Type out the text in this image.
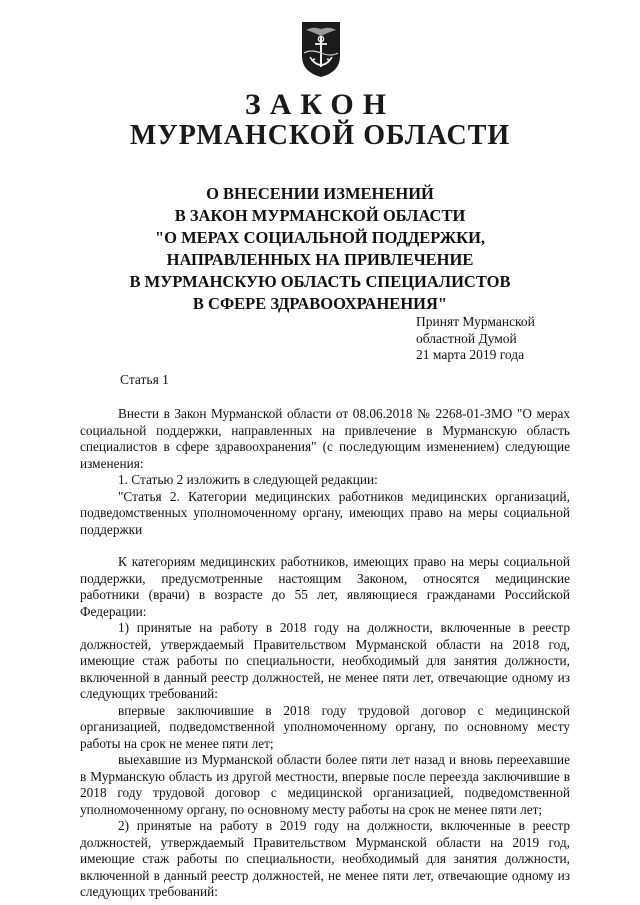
ЗАКОН
МУРМАНСКОЙ ОБЛАСТИ
О ВНЕСЕНИИ ИЗМЕНЕНИЙ
В ЗАКОН МУРМАНСКОЙ ОБЛАСТИ
"О МЕРАХ СОЦИАЛЬНОЙ ПОДДЕРЖКИ,
НАПРАВЛЕННЫХ НА ПРИВЛЕЧЕНИЕ
В МУРМАНСКУЮ ОБЛАСТЬ СПЕЦИАЛИСТОВ
В СФЕРЕ ЗДРАВООХРАНЕНИЯ"
Принят Мурманской
областной Думой
21 марта 2019 года
Статья 1

Внести в Закон Мурманской области от 08.06.2018 № 2268-01-ЗМО "О мерах социальной поддержки, направленных на привлечение в Мурманскую область специалистов в сфере здравоохранения" (с последующим изменением) следующие изменения:

1. Статью 2 изложить в следующей редакции:

"Статья 2. Категории медицинских работников медицинских организаций, подведомственных уполномоченному органу, имеющих право на меры социальной поддержки

К категориям медицинских работников, имеющих право на меры социальной поддержки, предусмотренные настоящим Законом, относятся медицинские работники (врачи) в возрасте до 55 лет, являющиеся гражданами Российской Федерации:

1) принятые на работу в 2018 году на должности, включенные в реестр должностей, утверждаемый Правительством Мурманской области на 2018 год, имеющие стаж работы по специальности, необходимый для занятия должности, включенной в данный реестр должностей, не менее пяти лет, отвечающие одному из следующих требований:

впервые заключившие в 2018 году трудовой договор с медицинской организацией, подведомственной уполномоченному органу, по основному месту работы на срок не менее пяти лет;

выехавшие из Мурманской области более пяти лет назад и вновь переехавшие в Мурманскую область из другой местности, впервые после переезда заключившие в 2018 году трудовой договор с медицинской организацией, подведомственной уполномоченному органу, по основному месту работы на срок не менее пяти лет;

2) принятые на работу в 2019 году на должности, включенные в реестр должностей, утверждаемый Правительством Мурманской области на 2019 год, имеющие стаж работы по специальности, необходимый для занятия должности, включенной в данный реестр должностей, не менее пяти лет, отвечающие одному из следующих требований:
